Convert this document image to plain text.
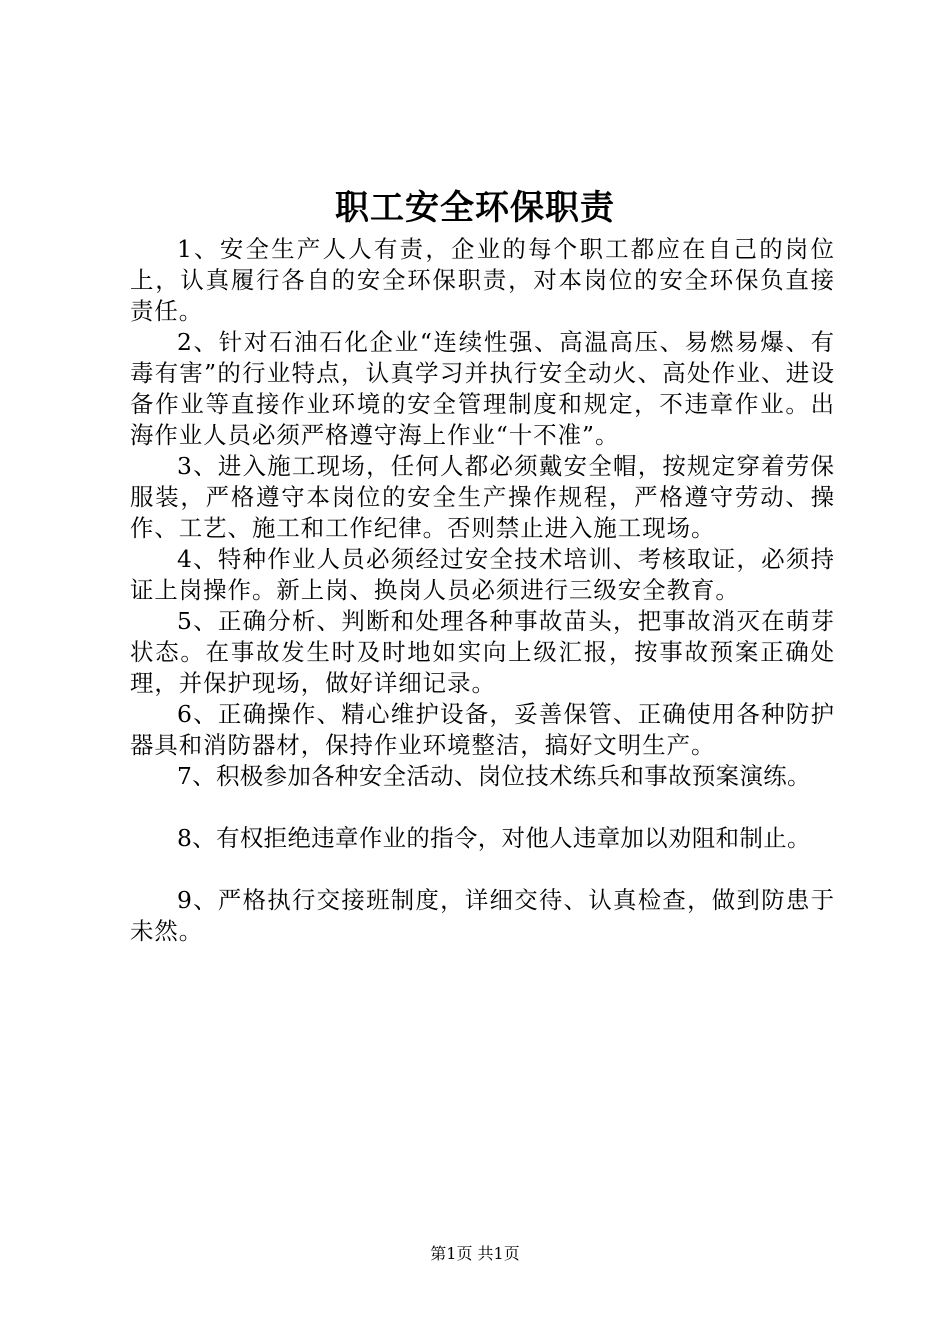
职工安全环保职责

1、安全生产人人有责，企业的每个职工都应在自己的岗位上，认真履行各自的安全环保职责，对本岗位的安全环保负直接责任。

2、针对石油石化企业“连续性强、高温高压、易燃易爆、有毒有害”的行业特点，认真学习并执行安全动火、高处作业、进设备作业等直接作业环境的安全管理制度和规定，不违章作业。出海作业人员必须严格遵守海上作业“十不准”。

3、进入施工现场，任何人都必须戴安全帽，按规定穿着劳保服装，严格遵守本岗位的安全生产操作规程，严格遵守劳动、操作、工艺、施工和工作纪律。否则禁止进入施工现场。

4、特种作业人员必须经过安全技术培训、考核取证，必须持证上岗操作。新上岗、换岗人员必须进行三级安全教育。

5、正确分析、判断和处理各种事故苗头，把事故消灭在萌芽状态。在事故发生时及时地如实向上级汇报，按事故预案正确处理，并保护现场，做好详细记录。

6、正确操作、精心维护设备，妥善保管、正确使用各种防护器具和消防器材，保持作业环境整洁，搞好文明生产。

7、积极参加各种安全活动、岗位技术练兵和事故预案演练。

8、有权拒绝违章作业的指令，对他人违章加以劝阻和制止。

9、严格执行交接班制度，详细交待、认真检查，做到防患于未然。

第1页 共1页
